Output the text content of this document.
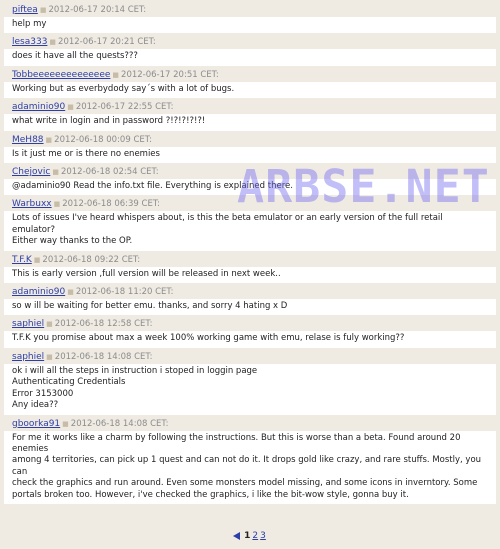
piftea ■ 2012-06-17 20:14 CET:
help my
lesa333 ■ 2012-06-17 20:21 CET:
does it have all the quests???
Tobbeeeeeeeeeeeeee ■ 2012-06-17 20:51 CET:
Working but as everbydody say´s with a lot of bugs.
adaminio90 ■ 2012-06-17 22:55 CET:
what write in login and in password ?!?!?!?!?!
MeH88 ■ 2012-06-18 00:09 CET:
Is it just me or is there no enemies
Chejovic ■ 2012-06-18 02:54 CET:
@adaminio90 Read the info.txt file. Everything is explained there.
Warbuxx ■ 2012-06-18 06:39 CET:
Lots of issues I've heard whispers about, is this the beta emulator or an early version of the full retail emulator?
Either way thanks to the OP.
T.F.K ■ 2012-06-18 09:22 CET:
This is early version ,full version will be released in next week..
adaminio90 ■ 2012-06-18 11:20 CET:
so w ill be waiting for better emu. thanks, and sorry 4 hating x D
saphiel ■ 2012-06-18 12:58 CET:
T.F.K you promise about max a week 100% working game with emu, relase is fuly working??
saphiel ■ 2012-06-18 14:08 CET:
ok i will all the steps in instruction i stoped in loggin page
Authenticating Credentials
Error 3153000
Any idea??
gboorka91 ■ 2012-06-18 14:08 CET:
For me it works like a charm by following the instructions. But this is worse than a beta. Found around 20 enemies
among 4 territories, can pick up 1 quest and can not do it. It drops gold like crazy, and rare stuffs. Mostly, you can
check the graphics and run around. Even some monsters model missing, and some icons in inverntory. Some
portals broken too. However, i've checked the graphics, i like the bit-wow style, gonna buy it.
ARBSE.NET
1 2 3
